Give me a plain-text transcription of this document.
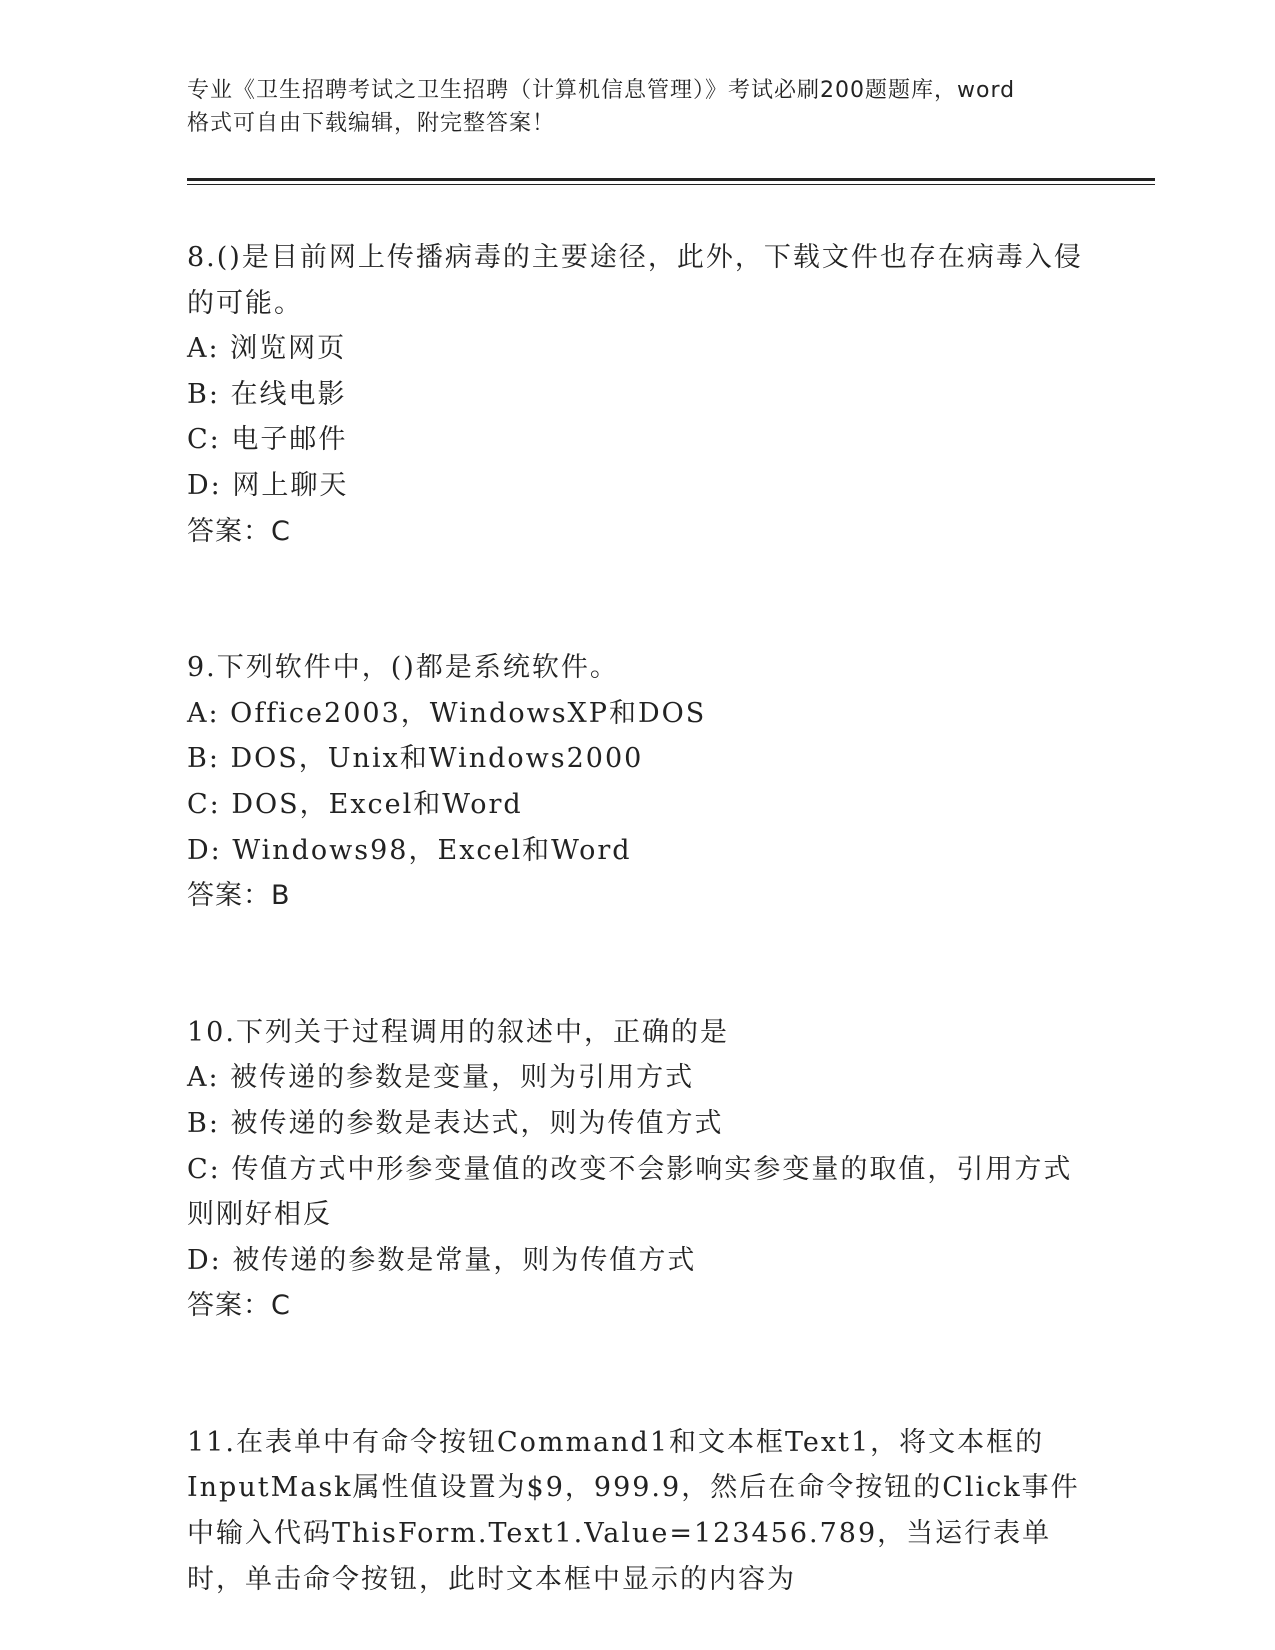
专业《卫生招聘考试之卫生招聘（计算机信息管理）》考试必刷200题题库，word
格式可自由下载编辑，附完整答案！
8.()是目前网上传播病毒的主要途径，此外，下载文件也存在病毒入侵的可能。
A: 浏览网页
B: 在线电影
C: 电子邮件
D: 网上聊天
答案：C
9.下列软件中，()都是系统软件。
A: Office2003，WindowsXP和DOS
B: DOS，Unix和Windows2000
C: DOS，Excel和Word
D: Windows98，Excel和Word
答案：B
10.下列关于过程调用的叙述中，正确的是
A: 被传递的参数是变量，则为引用方式
B: 被传递的参数是表达式，则为传值方式
C: 传值方式中形参变量值的改变不会影响实参变量的取值，引用方式则刚好相反
D: 被传递的参数是常量，则为传值方式
答案：C
11.在表单中有命令按钮Command1和文本框Text1，将文本框的InputMask属性值设置为$9，999.9，然后在命令按钮的Click事件中输入代码ThisForm.Text1.Value=123456.789，当运行表单时，单击命令按钮，此时文本框中显示的内容为
